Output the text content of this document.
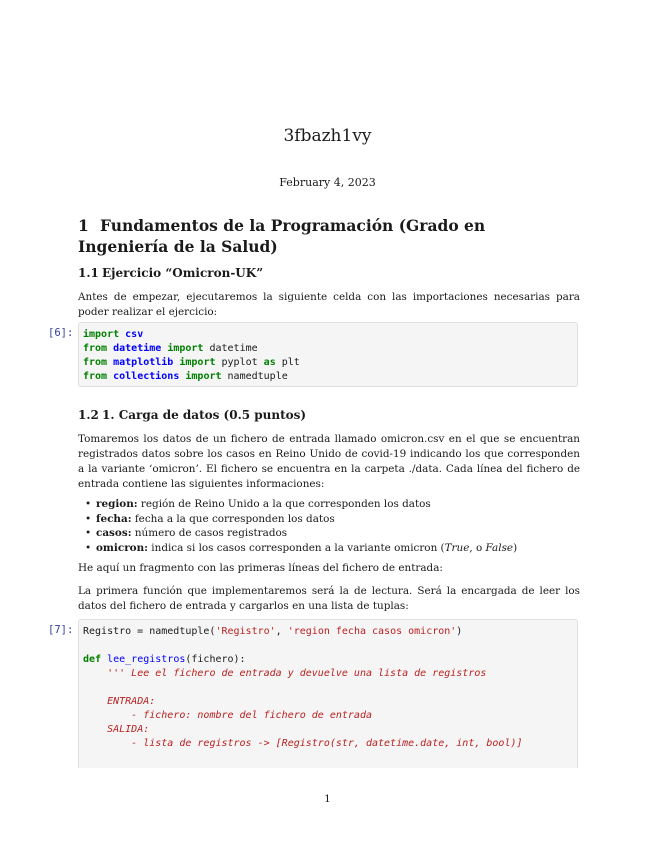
3fbazh1vy
February 4, 2023
1 Fundamentos de la Programación (Grado en Ingeniería de la Salud)
1.1 Ejercicio “Omicron-UK”
Antes de empezar, ejecutaremos la siguiente celda con las importaciones necesarias para poder realizar el ejercicio:
[6]: import csv
from datetime import datetime
from matplotlib import pyplot as plt
from collections import namedtuple
1.2 1. Carga de datos (0.5 puntos)
Tomaremos los datos de un fichero de entrada llamado omicron.csv en el que se encuentran registrados datos sobre los casos en Reino Unido de covid-19 indicando los que corresponden a la variante ‘omicron’. El fichero se encuentra en la carpeta ./data. Cada línea del fichero de entrada contiene las siguientes informaciones:
• region: región de Reino Unido a la que corresponden los datos
• fecha: fecha a la que corresponden los datos
• casos: número de casos registrados
• omicron: indica si los casos corresponden a la variante omicron (True, o False)
He aquí un fragmento con las primeras líneas del fichero de entrada:
La primera función que implementaremos será la de lectura. Será la encargada de leer los datos del fichero de entrada y cargarlos en una lista de tuplas:
[7]: Registro = namedtuple('Registro', 'region fecha casos omicron')
def lee_registros(fichero):
''' Lee el fichero de entrada y devuelve una lista de registros
ENTRADA:
- fichero: nombre del fichero de entrada
SALIDA:
- lista de registros -> [Registro(str, datetime.date, int, bool)]
1
